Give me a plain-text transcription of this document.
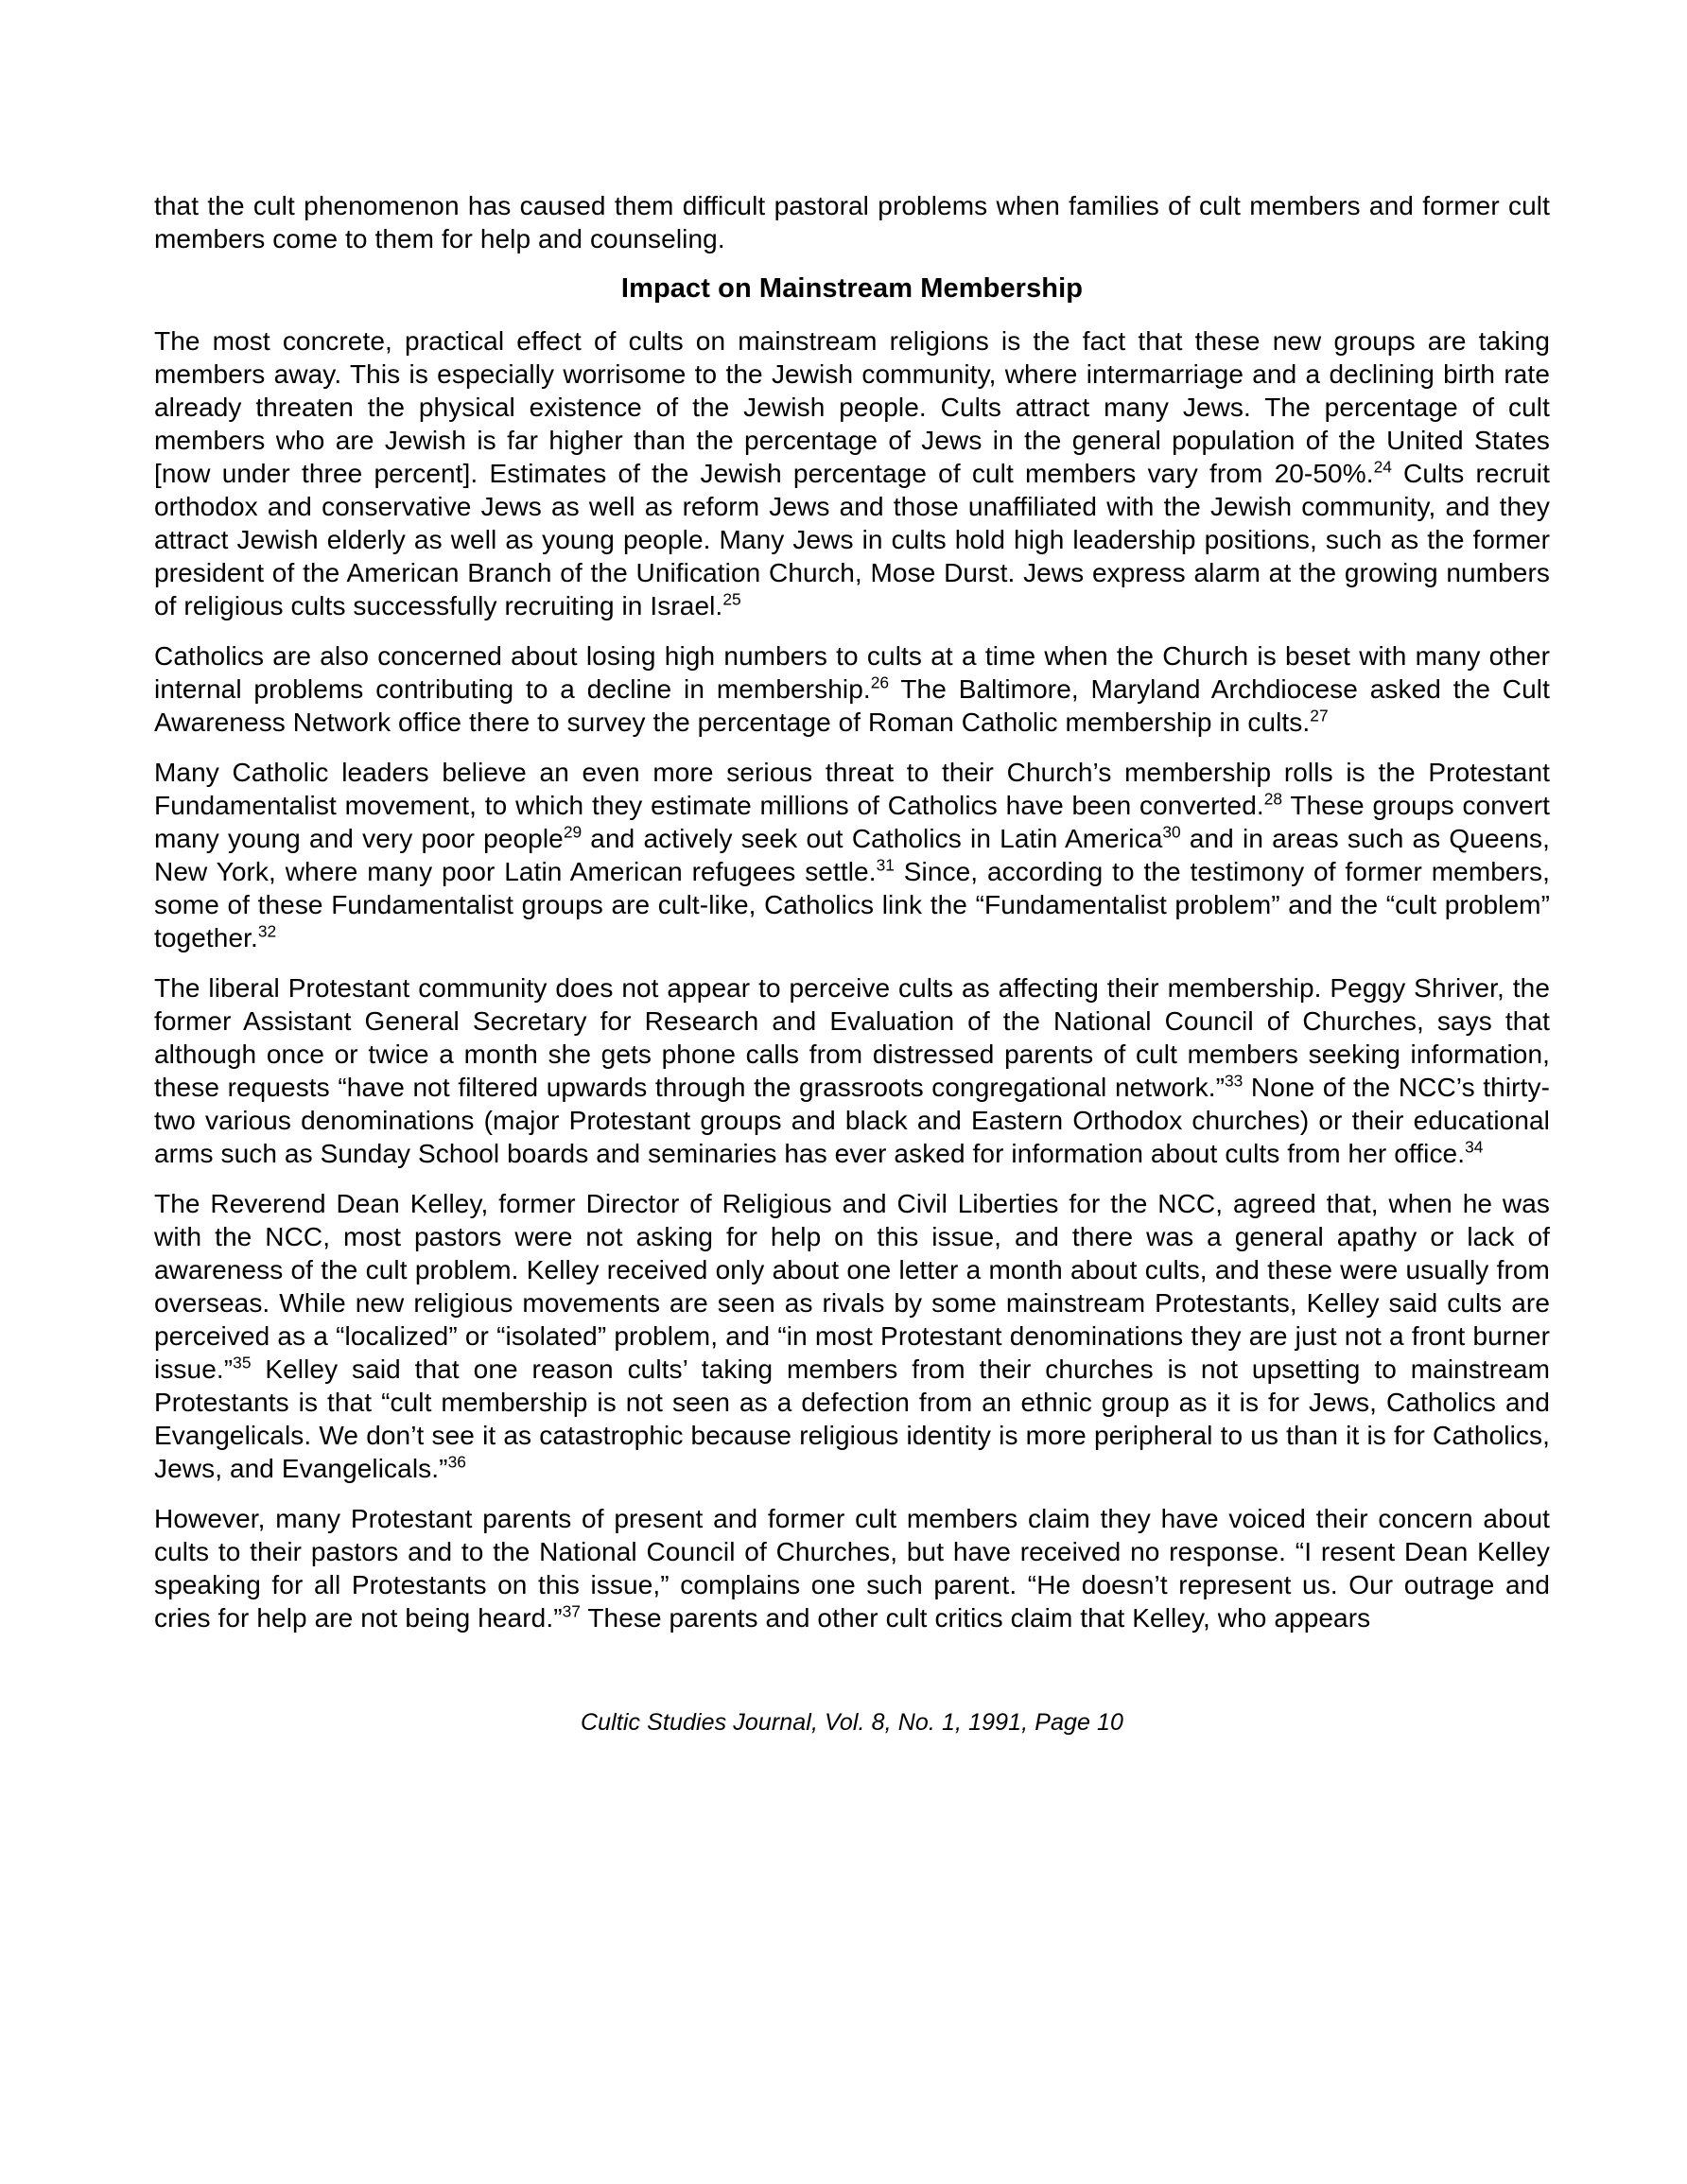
that the cult phenomenon has caused them difficult pastoral problems when families of cult members and former cult members come to them for help and counseling.

Impact on Mainstream Membership

The most concrete, practical effect of cults on mainstream religions is the fact that these new groups are taking members away. This is especially worrisome to the Jewish community, where intermarriage and a declining birth rate already threaten the physical existence of the Jewish people. Cults attract many Jews. The percentage of cult members who are Jewish is far higher than the percentage of Jews in the general population of the United States [now under three percent]. Estimates of the Jewish percentage of cult members vary from 20-50%.$^{24}$ Cults recruit orthodox and conservative Jews as well as reform Jews and those unaffiliated with the Jewish community, and they attract Jewish elderly as well as young people. Many Jews in cults hold high leadership positions, such as the former president of the American Branch of the Unification Church, Mose Durst. Jews express alarm at the growing numbers of religious cults successfully recruiting in Israel.$^{25}$

Catholics are also concerned about losing high numbers to cults at a time when the Church is beset with many other internal problems contributing to a decline in membership.$^{26}$ The Baltimore, Maryland Archdiocese asked the Cult Awareness Network office there to survey the percentage of Roman Catholic membership in cults.$^{27}$

Many Catholic leaders believe an even more serious threat to their Church’s membership rolls is the Protestant Fundamentalist movement, to which they estimate millions of Catholics have been converted.$^{28}$ These groups convert many young and very poor people$^{29}$ and actively seek out Catholics in Latin America$^{30}$ and in areas such as Queens, New York, where many poor Latin American refugees settle.$^{31}$ Since, according to the testimony of former members, some of these Fundamentalist groups are cult-like, Catholics link the “Fundamentalist problem” and the “cult problem” together.$^{32}$

The liberal Protestant community does not appear to perceive cults as affecting their membership. Peggy Shriver, the former Assistant General Secretary for Research and Evaluation of the National Council of Churches, says that although once or twice a month she gets phone calls from distressed parents of cult members seeking information, these requests “have not filtered upwards through the grassroots congregational network.”$^{33}$ None of the NCC’s thirty-two various denominations (major Protestant groups and black and Eastern Orthodox churches) or their educational arms such as Sunday School boards and seminaries has ever asked for information about cults from her office.$^{34}$

The Reverend Dean Kelley, former Director of Religious and Civil Liberties for the NCC, agreed that, when he was with the NCC, most pastors were not asking for help on this issue, and there was a general apathy or lack of awareness of the cult problem. Kelley received only about one letter a month about cults, and these were usually from overseas. While new religious movements are seen as rivals by some mainstream Protestants, Kelley said cults are perceived as a “localized” or “isolated” problem, and “in most Protestant denominations they are just not a front burner issue.”$^{35}$ Kelley said that one reason cults’ taking members from their churches is not upsetting to mainstream Protestants is that “cult membership is not seen as a defection from an ethnic group as it is for Jews, Catholics and Evangelicals. We don’t see it as catastrophic because religious identity is more peripheral to us than it is for Catholics, Jews, and Evangelicals.”$^{36}$

However, many Protestant parents of present and former cult members claim they have voiced their concern about cults to their pastors and to the National Council of Churches, but have received no response. “I resent Dean Kelley speaking for all Protestants on this issue,” complains one such parent. “He doesn’t represent us. Our outrage and cries for help are not being heard.”$^{37}$ These parents and other cult critics claim that Kelley, who appears

Cultic Studies Journal, Vol. 8, No. 1, 1991, Page 10
